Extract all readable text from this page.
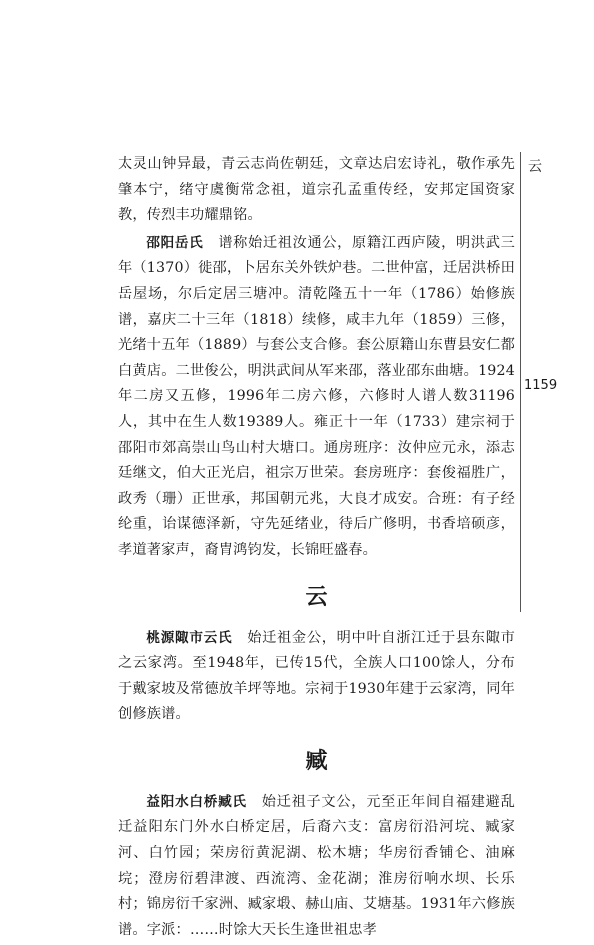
云
1159

太灵山钟异最，青云志尚佐朝廷，文章达启宏诗礼，敬作承先肇本宁，绪守虞衡常念祖，道宗孔孟重传经，安邦定国资家教，传烈丰功耀鼎铭。

邵阳岳氏　 谱称始迁祖汝通公，原籍江西庐陵，明洪武三年（1370）徙邵，卜居东关外铁炉巷。二世仲富，迁居洪桥田岳屋场，尔后定居三塘冲。清乾隆五十一年（1786）始修族谱，嘉庆二十三年（1818）续修，咸丰九年（1859）三修，光绪十五年（1889）与套公支合修。套公原籍山东曹县安仁都白黄店。二世俊公，明洪武间从军来邵，落业邵东曲塘。1924年二房又五修，1996年二房六修，六修时人谱人数31196人，其中在生人数19389人。雍正十一年（1733）建宗祠于邵阳市郊高崇山鸟山村大塘口。通房班序：汝仲应元永，添志廷继文，伯大正光启，祖宗万世荣。套房班序：套俊福胜广，政秀（珊）正世承，邦国朝元兆，大良才成安。合班：有子经纶重，诒谋德泽新，守先延绪业，待后广修明，书香培硕彦，孝道著家声，裔胄鸿钧发，长锦旺盛春。

云

桃源陬市云氏　 始迁祖金公，明中叶自浙江迁于县东陬市之云家湾。至1948年，已传15代，全族人口100馀人，分布于戴家坡及常德放羊坪等地。宗祠于1930年建于云家湾，同年创修族谱。

臧

益阳水白桥臧氏　 始迁祖子文公，元至正年间自福建避乱迁益阳东门外水白桥定居，后裔六支：富房衍沿河垸、臧家河、白竹园；荣房衍黄泥湖、松木塘；华房衍香铺仑、油麻垸；澄房衍碧津渡、西流湾、金花湖；淮房衍响水坝、长乐村；锦房衍千家洲、臧家塅、赫山庙、艾塘基。1931年六修族谱。字派：……时馀大天长生逢世祖忠孝
